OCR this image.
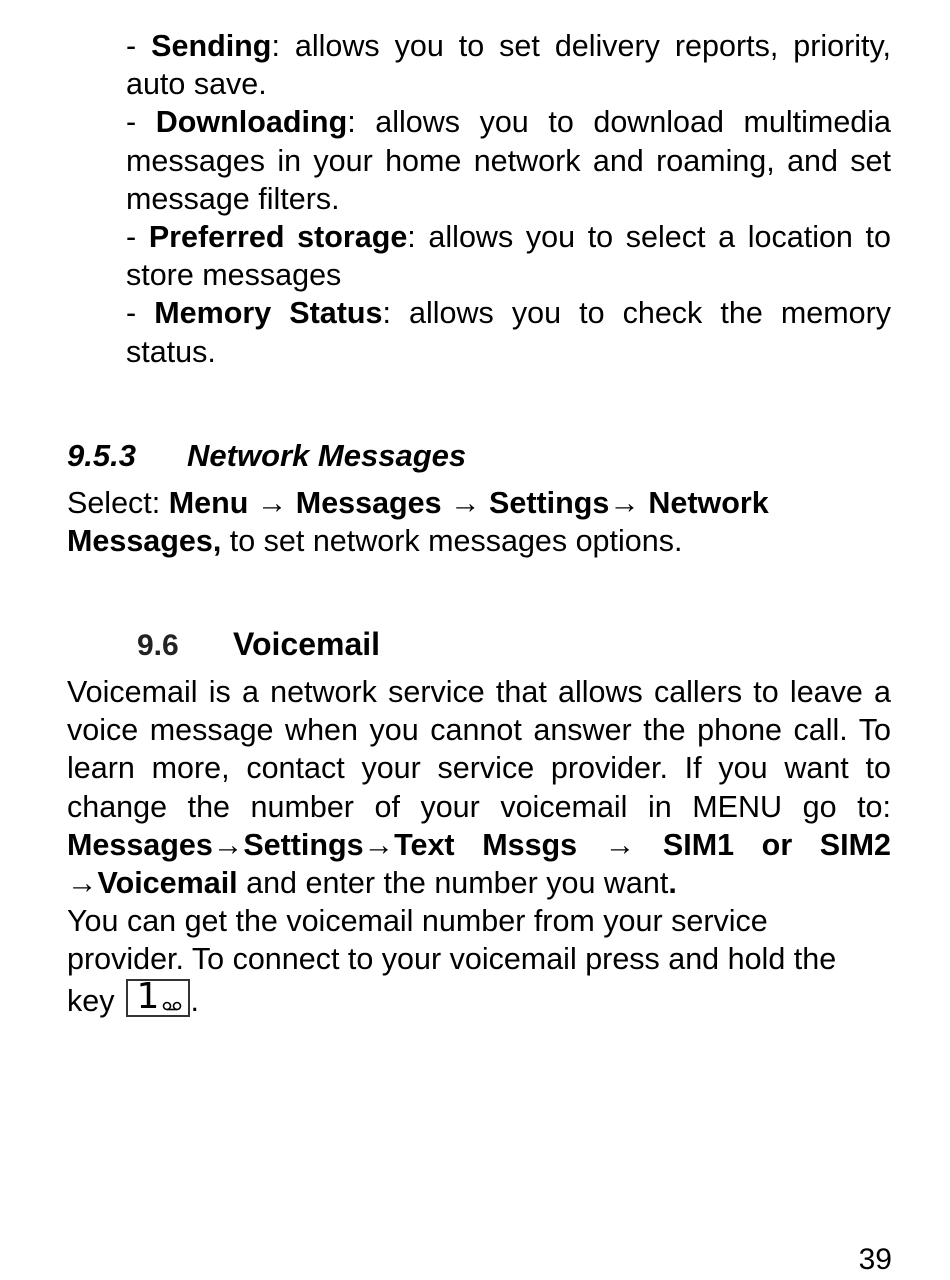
- Sending: allows you to set delivery reports, priority, auto save.

- Downloading: allows you to download multimedia messages in your home network and roaming, and set message filters.

- Preferred storage: allows you to select a location to store messages

- Memory Status: allows you to check the memory status.

9.5.3 Network Messages
Select: Menu → Messages → Settings→ Network Messages, to set network messages options.
9.6 Voicemail

Voicemail is a network service that allows callers to leave a voice message when you cannot answer the phone call. To learn more, contact your service provider. If you want to change the number of your voicemail in MENU go to: Messages→Settings→Text Mssgs → SIM1 or SIM2 →Voicemail and enter the number you want.

You can get the voicemail number from your service provider. To connect to your voicemail press and hold the key 1 .

39
